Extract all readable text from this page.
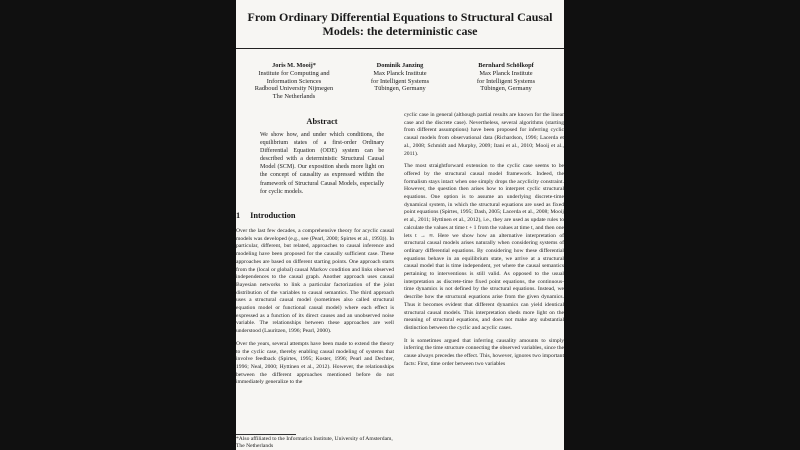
From Ordinary Differential Equations to Structural Causal Models: the deterministic case
Joris M. Mooij*
Institute for Computing and
Information Sciences
Radboud University Nijmegen
The Netherlands
Dominik Janzing
Max Planck Institute
for Intelligent Systems
Tübingen, Germany
Bernhard Schölkopf
Max Planck Institute
for Intelligent Systems
Tübingen, Germany
Abstract
We show how, and under which conditions, the equilibrium states of a first-order Ordinary Differential Equation (ODE) system can be described with a deterministic Structural Causal Model (SCM). Our exposition sheds more light on the concept of causality as expressed within the framework of Structural Causal Models, especially for cyclic models.
1 Introduction

Over the last few decades, a comprehensive theory for acyclic causal models was developed (e.g., see (Pearl, 2000; Spirtes et al., 1993)). In particular, different, but related, approaches to causal inference and modeling have been proposed for the causally sufficient case. These approaches are based on different starting points. One approach starts from the (local or global) causal Markov condition and links observed independences to the causal graph. Another approach uses causal Bayesian networks to link a particular factorization of the joint distribution of the variables to causal semantics. The third approach uses a structural causal model (sometimes also called structural equation model or functional causal model) where each effect is expressed as a function of its direct causes and an unobserved noise variable. The relationships between these approaches are well understood (Lauritzen, 1996; Pearl, 2000).

Over the years, several attempts have been made to extend the theory to the cyclic case, thereby enabling causal modeling of systems that involve feedback (Spirtes, 1995; Koster, 1996; Pearl and Dechter, 1996; Neal, 2000; Hyttinen et al., 2012). However, the relationships between the different approaches mentioned before do not immediately generalize to the

*Also affiliated to the Informatics Institute, University of Amsterdam, The Netherlands

cyclic case in general (although partial results are known for the linear case and the discrete case). Nevertheless, several algorithms (starting from different assumptions) have been proposed for inferring cyclic causal models from observational data (Richardson, 1996; Lacerda et al., 2008; Schmidt and Murphy, 2009; Itani et al., 2010; Mooij et al., 2011).

The most straightforward extension to the cyclic case seems to be offered by the structural causal model framework. Indeed, the formalism stays intact when one simply drops the acyclicity constraint. However, the question then arises how to interpret cyclic structural equations. One option is to assume an underlying discrete-time dynamical system, in which the structural equations are used as fixed point equations (Spirtes, 1995; Dash, 2005; Lacerda et al., 2008; Mooij et al., 2011; Hyttinen et al., 2012), i.e., they are used as update rules to calculate the values at time t + 1 from the values at time t, and then one lets t → ∞. Here we show how an alternative interpretation of structural causal models arises naturally when considering systems of ordinary differential equations. By considering how these differential equations behave in an equilibrium state, we arrive at a structural causal model that is time independent, yet where the causal semantics pertaining to interventions is still valid. As opposed to the usual interpretation as discrete-time fixed point equations, the continuous-time dynamics is not defined by the structural equations. Instead, we describe how the structural equations arise from the given dynamics. Thus it becomes evident that different dynamics can yield identical structural causal models. This interpretation sheds more light on the meaning of structural equations, and does not make any substantial distinction between the cyclic and acyclic cases.

It is sometimes argued that inferring causality amounts to simply inferring the time structure connecting the observed variables, since the cause always precedes the effect. This, however, ignores two important facts: First, time order between two variables
